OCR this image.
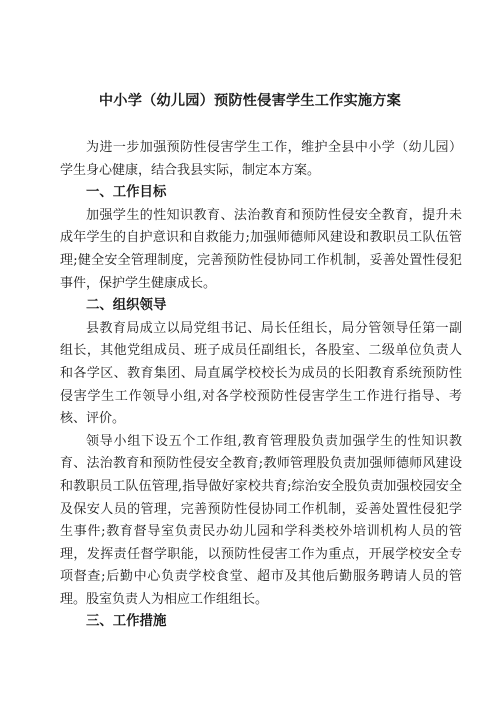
中小学（幼儿园）预防性侵害学生工作实施方案

为进一步加强预防性侵害学生工作，维护全县中小学（幼儿园）学生身心健康，结合我县实际，制定本方案。

一、工作目标

加强学生的性知识教育、法治教育和预防性侵安全教育，提升未成年学生的自护意识和自救能力;加强师德师风建设和教职员工队伍管理;健全安全管理制度，完善预防性侵协同工作机制，妥善处置性侵犯事件，保护学生健康成长。

二、组织领导

县教育局成立以局党组书记、局长任组长，局分管领导任第一副组长，其他党组成员、班子成员任副组长，各股室、二级单位负责人和各学区、教育集团、局直属学校校长为成员的长阳教育系统预防性侵害学生工作领导小组,对各学校预防性侵害学生工作进行指导、考核、评价。

领导小组下设五个工作组,教育管理股负责加强学生的性知识教育、法治教育和预防性侵安全教育;教师管理股负责加强师德师风建设和教职员工队伍管理,指导做好家校共育;综治安全股负责加强校园安全及保安人员的管理，完善预防性侵协同工作机制，妥善处置性侵犯学生事件;教育督导室负责民办幼儿园和学科类校外培训机构人员的管理，发挥责任督学职能，以预防性侵害工作为重点，开展学校安全专项督查;后勤中心负责学校食堂、超市及其他后勤服务聘请人员的管理。股室负责人为相应工作组组长。

三、工作措施
